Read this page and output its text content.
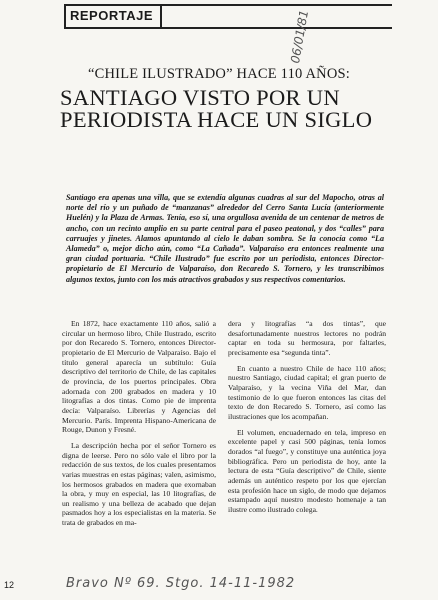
REPORTAJE	06/01/81
“CHILE ILUSTRADO” HACE 110 AÑOS:
SANTIAGO VISTO POR UN PERIODISTA HACE UN SIGLO
Santiago era apenas una villa, que se extendía algunas cuadras al sur del Mapocho, otras al norte del río y un puñado de “manzanas” alrededor del Cerro Santa Lucía (anteriormente Huelén) y la Plaza de Armas. Tenía, eso sí, una orgullosa avenida de un centenar de metros de ancho, con un recinto amplio en su parte central para el paseo peatonal, y dos “calles” para carruajes y jinetes. Alamos apuntando al cielo le daban sombra. Se la conocía como “La Alameda” o, mejor dicho aún, como “La Cañada”. Valparaíso era entonces realmente una gran ciudad portuaria. “Chile Ilustrado” fue escrito por un periodista, entonces Director-propietario de El Mercurio de Valparaíso, don Recaredo S. Tornero, y les transcribimos algunos textos, junto con los más atractivos grabados y sus respectivos comentarios.

En 1872, hace exactamente 110 años, salió a circular un hermoso libro, Chile Ilustrado, escrito por don Recaredo S. Tornero, entonces Director-propietario de El Mercurio de Valparaíso. Bajo el título general aparecía un subtítulo: Guía descriptivo del territorio de Chile, de las capitales de provincia, de los puertos principales. Obra adornada con 200 grabados en madera y 10 litografías a dos tintas. Como pie de imprenta decía: Valparaíso. Librerías y Agencias del Mercurio. París. Imprenta Hispano-Americana de Rouge, Dunon y Fresné.

La descripción hecha por el señor Tornero es digna de leerse. Pero no sólo vale el libro por la redacción de sus textos, de los cuales presentamos varias muestras en estas páginas; valen, asimismo, los hermosos grabados en madera que exornaban la obra, y muy en especial, las 10 litografías, de un realismo y una belleza de acabado que dejan pasmados hoy a los especialistas en la materia. Se trata de grabados en ma-

dera y litografías “a dos tintas”, que desafortunadamente nuestros lectores no podrán captar en toda su hermosura, por faltarles, precisamente esa “segunda tinta”.

En cuanto a nuestro Chile de hace 110 años; nuestro Santiago, ciudad capital; el gran puerto de Valparaíso, y la vecina Viña del Mar, dan testimonio de lo que fueron entonces las citas del texto de don Recaredo S. Tornero, así como las ilustraciones que los acompañan.

El volumen, encuadernado en tela, impreso en excelente papel y casi 500 páginas, tenía lomos dorados “al fuego”, y constituye una auténtica joya bibliográfica. Pero un periodista de hoy, ante la lectura de esta “Guía descriptivo” de Chile, siente además un auténtico respeto por los que ejercían esta profesión hace un siglo, de modo que dejamos estampado aquí nuestro modesto homenaje a tan ilustre como ilustrado colega.

12	Bravo Nº 69. Stgo. 14-11-1982
